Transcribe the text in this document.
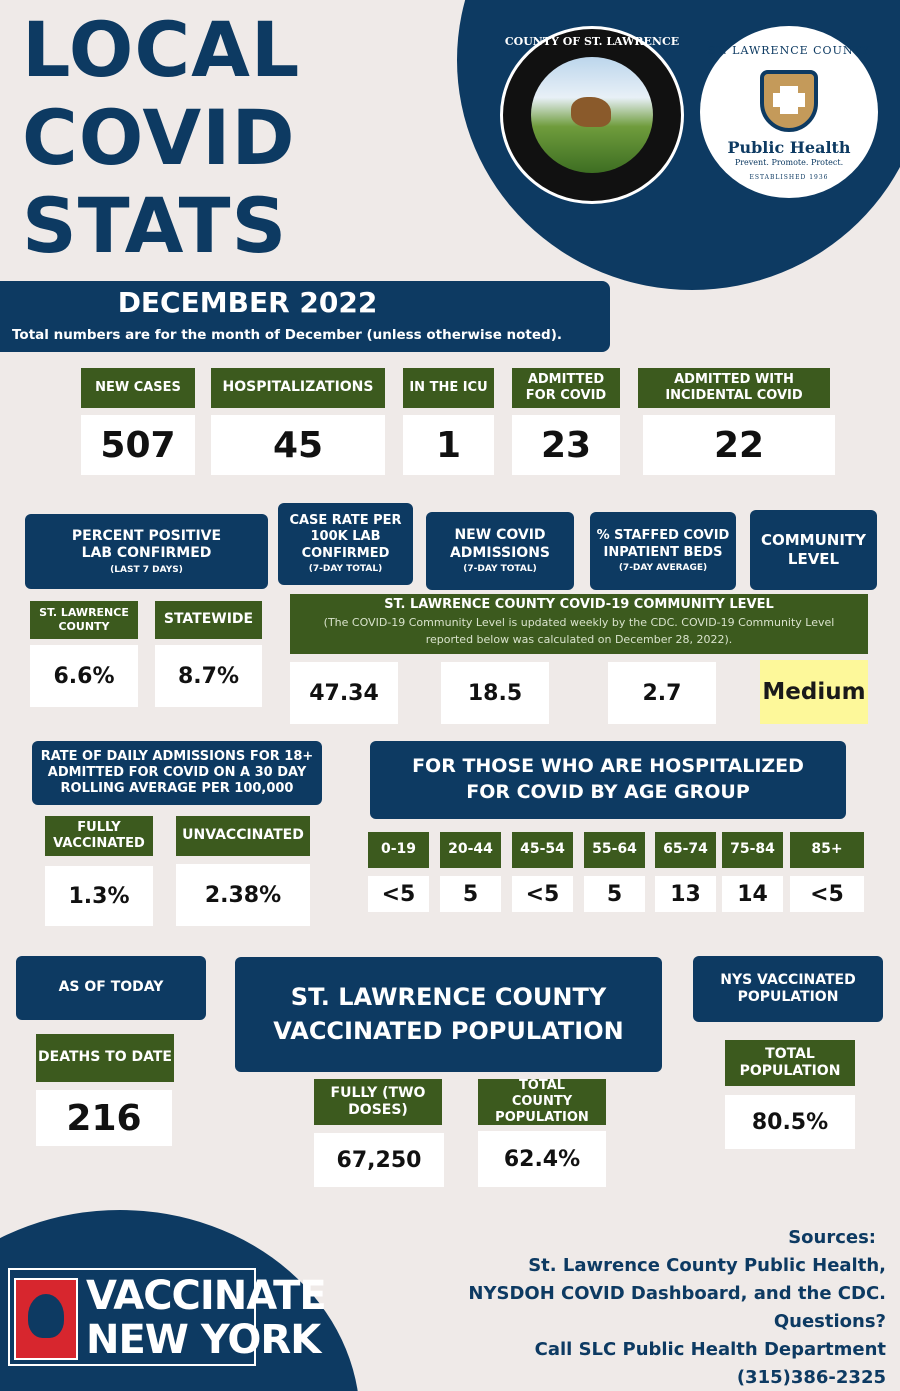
LOCAL
COVID
STATS
COUNTY OF ST. LAWRENCE
ST. LAWRENCE COUNTY
Public Health
Prevent. Promote. Protect.
ESTABLISHED 1936
DECEMBER 2022
Total numbers are for the month of December (unless otherwise noted).
NEW CASES
507
HOSPITALIZATIONS
45
IN THE ICU
1
ADMITTED FOR COVID
23
ADMITTED WITH INCIDENTAL COVID
22
PERCENT POSITIVE LAB CONFIRMED
(LAST 7 DAYS)
ST. LAWRENCE COUNTY
6.6%
STATEWIDE
8.7%
CASE RATE PER 100K LAB CONFIRMED
(7-DAY TOTAL)
NEW COVID ADMISSIONS
(7-DAY TOTAL)
% STAFFED COVID INPATIENT BEDS
(7-DAY AVERAGE)
COMMUNITY LEVEL
ST. LAWRENCE COUNTY COVID-19 COMMUNITY LEVEL
(The COVID-19 Community Level is updated weekly by the CDC. COVID-19 Community Level reported below was calculated on December 28, 2022).
47.34	18.5	2.7	Medium
RATE OF DAILY ADMISSIONS FOR 18+ ADMITTED FOR COVID ON A 30 DAY ROLLING AVERAGE PER 100,000
FULLY VACCINATED
1.3%
UNVACCINATED
2.38%
FOR THOSE WHO ARE HOSPITALIZED FOR COVID BY AGE GROUP
0-19 20-44 45-54 55-64 65-74 75-84	85+
<5 5 <5 5 13 14 <5
AS OF TODAY
DEATHS TO DATE
216
ST. LAWRENCE COUNTY VACCINATED POPULATION
FULLY (TWO DOSES)
67,250
TOTAL COUNTY POPULATION
62.4%
NYS VACCINATED POPULATION
TOTAL POPULATION
80.5%
VACCINATE
NEW YORK
Sources:
St. Lawrence County Public Health,
NYSDOH COVID Dashboard, and the CDC.
Questions?
Call SLC Public Health Department
(315)386-2325
